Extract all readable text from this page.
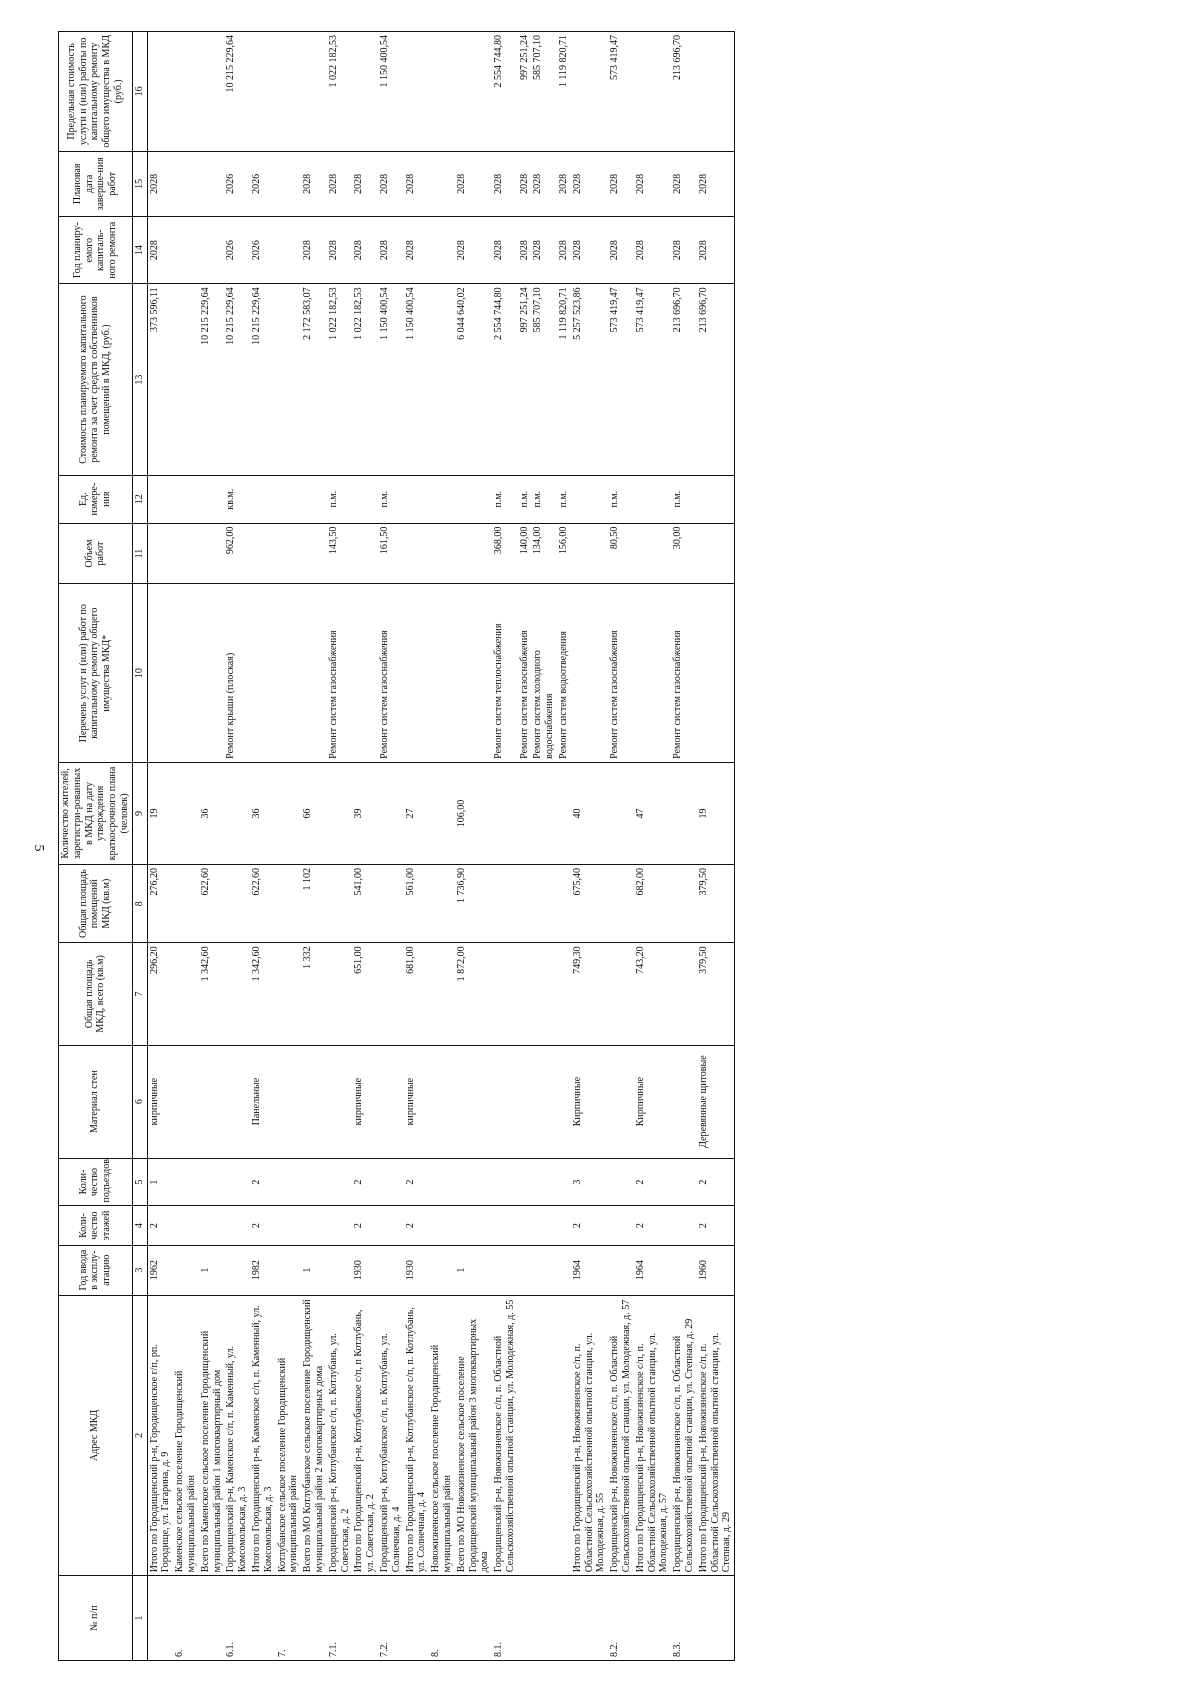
5
№ п/п	Адрес МКД	Год ввода в эксплу-атацию	Коли-чество этажей	Коли-чество подъездов	Материал стен	Общая площадь МКД, всего (кв.м)	Общая площадь помещений МКД (кв.м)	Количество жителей, зарегистри-рованных в МКД на дату утверждения краткосрочного плана (человек)	Перечень услуг и (или) работ по капитальному ремонту общего имущества МКД*	Объем работ	Ед. измере-ния	Стоимость планируемого капитального ремонта за счет средств собственников помещений в МКД, (руб.)	Год планиру-емого капиталь-ного ремонта	Плановая дата заверше-ния работ	Предельная стоимость услуги и (или) работы по капитальному ремонту общего имущества в МКД (руб.)
1	2	3	4	5	6	7	8	9	10	11	12	13	14	15	16
	Итого по Городищенский р-н, Городищенское г/п, рп. Городище, ул. Гагарина, д. 9	1962	2	1	кирпичные	296,20	276,20	19				373 596,11	2028	2028	
6.	Каменское сельское поселение Городищенский муниципальный район														
	Всего по Каменское сельское поселение Городищенский муниципальный район 1 многоквартирный дом	1				1 342,60	622,60	36				10 215 229,64			
6.1.	Городищенский р-н, Каменское с/п, п. Каменный, ул. Комсомольская, д. 3								Ремонт крыши (плоская)	962,00	кв.м.	10 215 229,64	2026	2026	10 215 229,64
	Итого по Городищенский р-н, Каменское с/п, п. Каменный, ул. Комсомольская, д. 3	1982	2	2	Панельные	1 342,60	622,60	36				10 215 229,64	2026	2026	
7.	Котлубанское сельское поселение Городищенский муниципальный район														
	Всего по МО Котлубанское сельское поселение Городищенский муниципальный район 2 многоквартирных дома	1				1 332	1 102	66				2 172 583,07	2028	2028	
7.1.	Городищенский р-н, Котлубанское с/п, п. Котлубань, ул. Советская, д. 2								Ремонт систем газоснабжения	143,50	п.м.	1 022 182,53	2028	2028	1 022 182,53
	Итого по Городищенский р-н, Котлубанское с/п, п Котлубань, ул. Советская, д. 2	1930	2	2	кирпичные	651,00	541,00	39				1 022 182,53	2028	2028	
7.2.	Городищенский р-н, Котлубанское с/п, п. Котлубань, ул. Солнечная, д. 4								Ремонт систем газоснабжения	161,50	п.м.	1 150 400,54	2028	2028	1 150 400,54
	Итого по Городищенский р-н, Котлубанское с/п, п. Котлубань, ул. Солнечная, д. 4	1930	2	2	кирпичные	681,00	561,00	27				1 150 400,54	2028	2028	
8.	Новожизненское сельское поселение Городищенский муниципальный район														
	Всего по МО Новожизненское сельское поселение Городищенский муниципальный район 3 многоквартирных дома	1				1 872,00	1 736,90	106,00				6 044 640,02	2028	2028	
8.1.	Городищенский р-н, Новожизненское с/п, п. Областной Сельскохозяйственной опытной станции, ул. Молодежная, д. 55								Ремонт систем теплоснабжения	368,00	п.м.	2 554 744,80	2028	2028	2 554 744,80
									Ремонт систем газоснабжения	140,00	п.м.	997 251,24	2028	2028	997 251,24
									Ремонт систем холодного водоснабжения	134,00	п.м.	585 707,10	2028	2028	585 707,10
									Ремонт систем водоотведения	156,00	п.м.	1 119 820,71	2028	2028	1 119 820,71
	Итого по Городищенский р-н, Новожизненское с/п, п. Областной Сельскохозяйственной опытной станции, ул. Молодежная, д. 55	1964	2	3	Кирпичные	749,30	675,40	40				5 257 523,86	2028	2028	
8.2.	Городищенский р-н, Новожизненское с/п, п. Областной Сельскохозяйственной опытной станции, ул. Молодежная, д. 57								Ремонт систем газоснабжения	80,50	п.м.	573 419,47	2028	2028	573 419,47
	Итого по Городищенский р-н, Новожизненское с/п, п. Областной Сельскохозяйственной опытной станции, ул. Молодежная, д. 57	1964	2	2	Кирпичные	743,20	682,00	47				573 419,47	2028	2028	
8.3.	Городищенский р-н, Новожизненское с/п, п. Областной Сельскохозяйственной опытной станции, ул. Степная, д. 29								Ремонт систем газоснабжения	30,00	п.м.	213 696,70	2028	2028	213 696,70
	Итого по Городищенский р-н, Новожизненское с/п, п. Областной Сельскохозяйственной опытной станции, ул. Степная, д. 29	1960	2	2	Деревянные щитовые	379,50	379,50	19				213 696,70	2028	2028	
